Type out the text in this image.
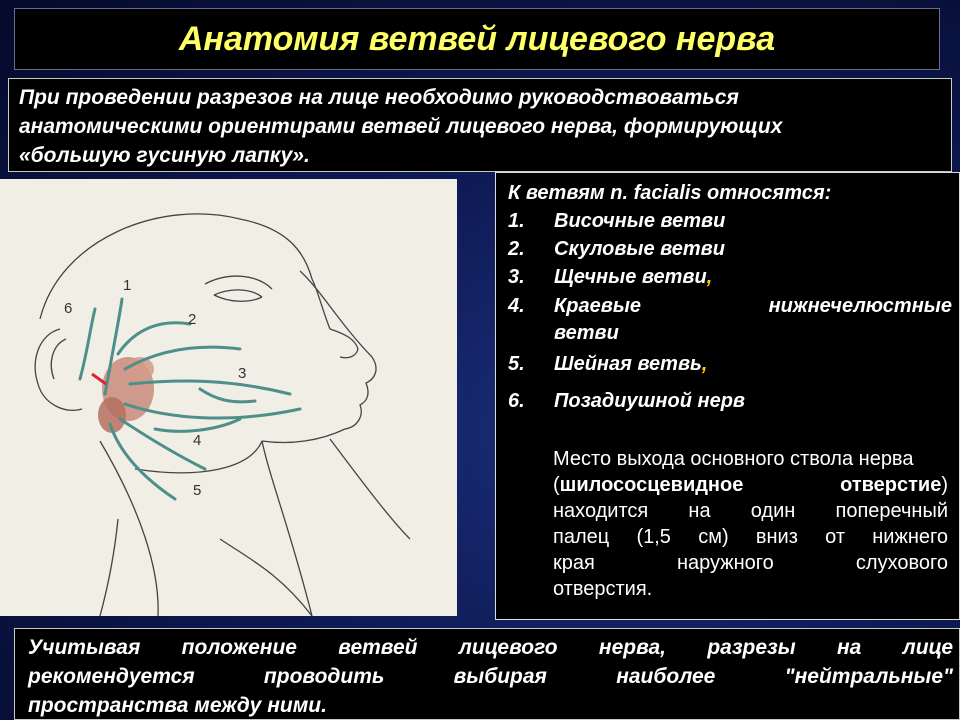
Анатомия ветвей лицевого нерва

При проведении разрезов на лице необходимо руководствоваться
анатомическими ориентирами ветвей лицевого нерва, формирующих
«большую гусиную лапку».

1
2
3
4
5
6

К ветвям n. facialis относятся:

1. Височные ветви
2. Скуловые ветви
3. Щечные ветви,
4. Краевые	нижнечелюстные
ветви
5. Шейная ветвь,
6. Позадиушной нерв

Место выхода основного ствола нерва
(шилососцевидное отверстие)
находится на один поперечный
палец (1,5 см) вниз от нижнего
края наружного слухового
отверстия.

Учитывая положение ветвей лицевого нерва, разрезы на лице
рекомендуется проводить выбирая наиболее "нейтральные"
пространства между ними.
